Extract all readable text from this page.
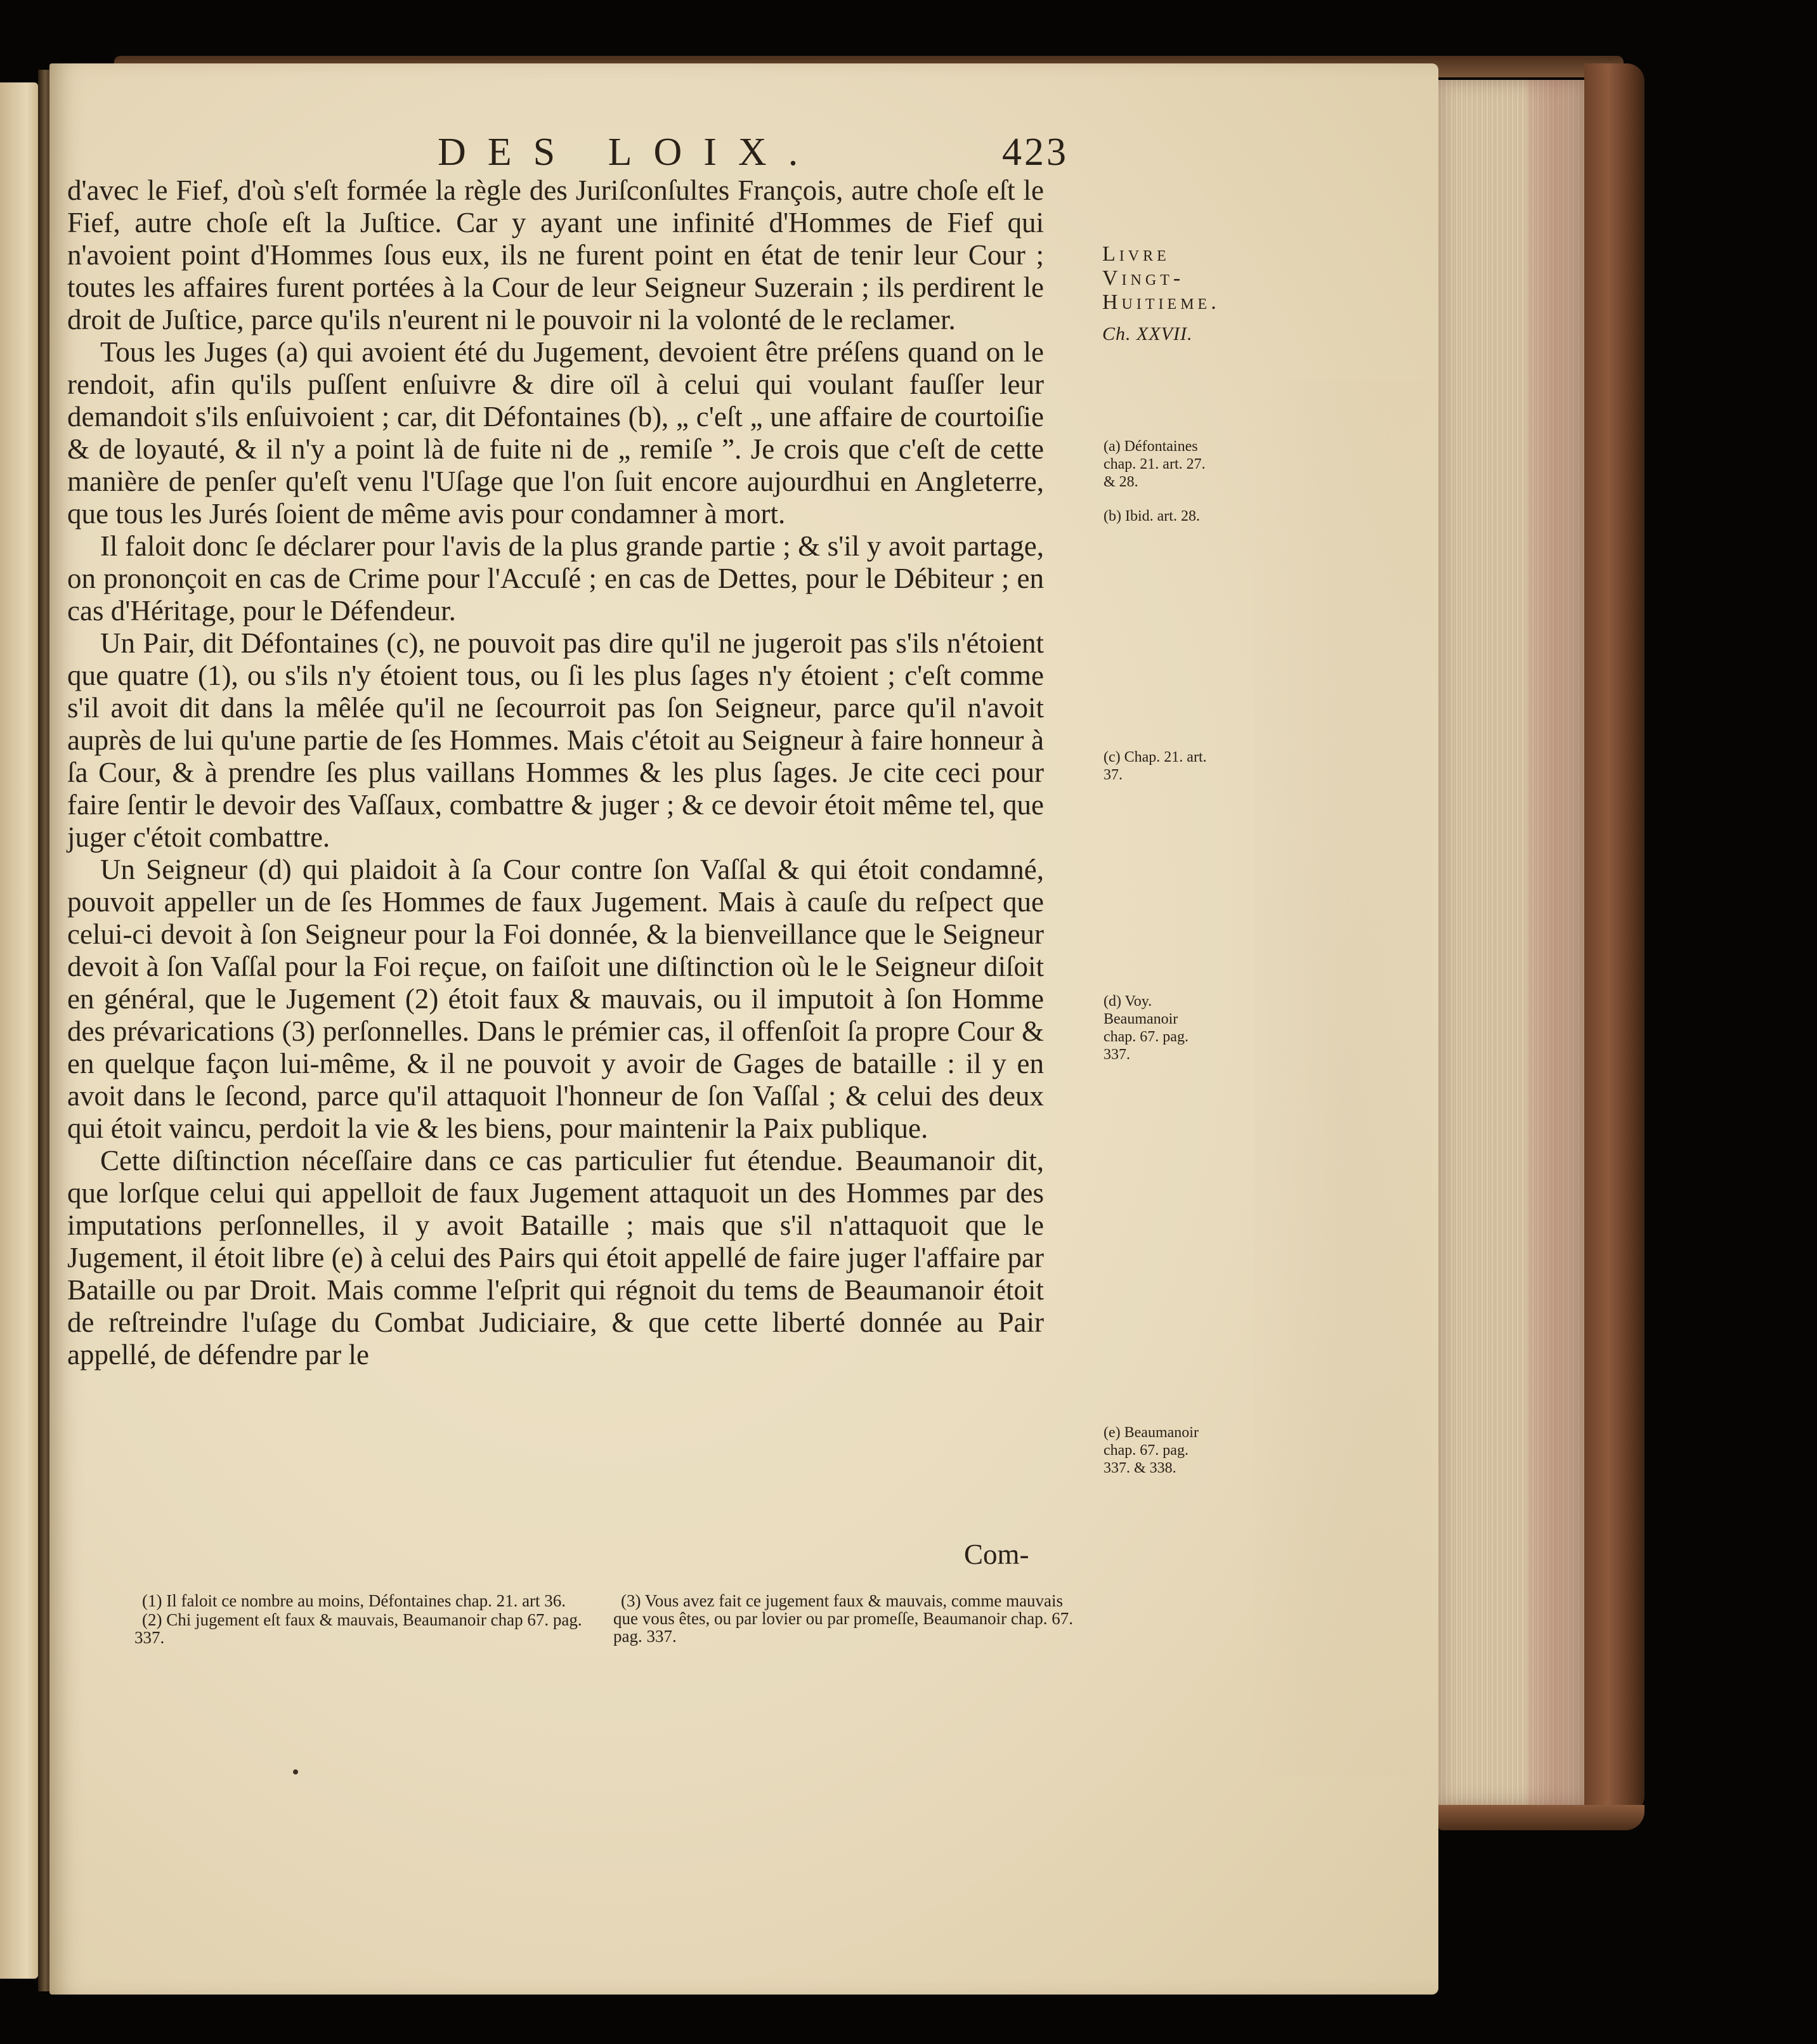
DES LOIX.	423
Livre
Vingt-
Huitieme.
Ch. XXVII.

d'avec le Fief, d'où s'eſt formée la règle des Juriſconſultes François, autre choſe eſt le Fief, autre choſe eſt la Juſtice. Car y ayant une infinité d'Hommes de Fief qui n'avoient point d'Hommes ſous eux, ils ne furent point en état de tenir leur Cour ; toutes les affaires furent portées à la Cour de leur Seigneur Suzerain ; ils perdirent le droit de Juſtice, parce qu'ils n'eurent ni le pouvoir ni la volonté de le reclamer.

Tous les Juges (a) qui avoient été du Jugement, devoient être préſens quand on le rendoit, afin qu'ils puſſent enſuivre & dire oïl à celui qui voulant fauſſer leur demandoit s'ils enſuivoient ; car, dit Défontaines (b), „ c'eſt „ une affaire de courtoiſie & de loyauté, & il n'y a point là de fuite ni de „ remiſe ”. Je crois que c'eſt de cette manière de penſer qu'eſt venu l'Uſage que l'on ſuit encore aujourdhui en Angleterre, que tous les Jurés ſoient de même avis pour condamner à mort.

Il faloit donc ſe déclarer pour l'avis de la plus grande partie ; & s'il y avoit partage, on prononçoit en cas de Crime pour l'Accuſé ; en cas de Dettes, pour le Débiteur ; en cas d'Héritage, pour le Défendeur.

Un Pair, dit Défontaines (c), ne pouvoit pas dire qu'il ne jugeroit pas s'ils n'étoient que quatre (1), ou s'ils n'y étoient tous, ou ſi les plus ſages n'y étoient ; c'eſt comme s'il avoit dit dans la mêlée qu'il ne ſecourroit pas ſon Seigneur, parce qu'il n'avoit auprès de lui qu'une partie de ſes Hommes. Mais c'étoit au Seigneur à faire honneur à ſa Cour, & à prendre ſes plus vaillans Hommes & les plus ſages. Je cite ceci pour faire ſentir le devoir des Vaſſaux, combattre & juger ; & ce devoir étoit même tel, que juger c'étoit combattre.

Un Seigneur (d) qui plaidoit à ſa Cour contre ſon Vaſſal & qui étoit condamné, pouvoit appeller un de ſes Hommes de faux Jugement. Mais à cauſe du reſpect que celui-ci devoit à ſon Seigneur pour la Foi donnée, & la bienveillance que le Seigneur devoit à ſon Vaſſal pour la Foi reçue, on faiſoit une diſtinction où le le Seigneur diſoit en général, que le Jugement (2) étoit faux & mauvais, ou il imputoit à ſon Homme des prévarications (3) perſonnelles. Dans le prémier cas, il offenſoit ſa propre Cour & en quelque façon lui-même, & il ne pouvoit y avoir de Gages de bataille : il y en avoit dans le ſecond, parce qu'il attaquoit l'honneur de ſon Vaſſal ; & celui des deux qui étoit vaincu, perdoit la vie & les biens, pour maintenir la Paix publique.

Cette diſtinction néceſſaire dans ce cas particulier fut étendue. Beaumanoir dit, que lorſque celui qui appelloit de faux Jugement attaquoit un des Hommes par des imputations perſonnelles, il y avoit Bataille ; mais que s'il n'attaquoit que le Jugement, il étoit libre (e) à celui des Pairs qui étoit appellé de faire juger l'affaire par Bataille ou par Droit. Mais comme l'eſprit qui régnoit du tems de Beaumanoir étoit de reſtreindre l'uſage du Combat Judiciaire, & que cette liberté donnée au Pair appellé, de défendre par le

Com-
(a) Défontaines chap. 21. art. 27. & 28.
(b) Ibid. art. 28.
(c) Chap. 21. art. 37.
(d) Voy. Beaumanoir chap. 67. pag. 337.
(e) Beaumanoir chap. 67. pag. 337. & 338.

(1) Il faloit ce nombre au moins, Défontaines chap. 21. art 36.

(2) Chi jugement eſt faux & mauvais, Beaumanoir chap 67. pag. 337.

(3) Vous avez fait ce jugement faux & mauvais, comme mauvais que vous êtes, ou par lovier ou par promeſſe, Beaumanoir chap. 67. pag. 337.
